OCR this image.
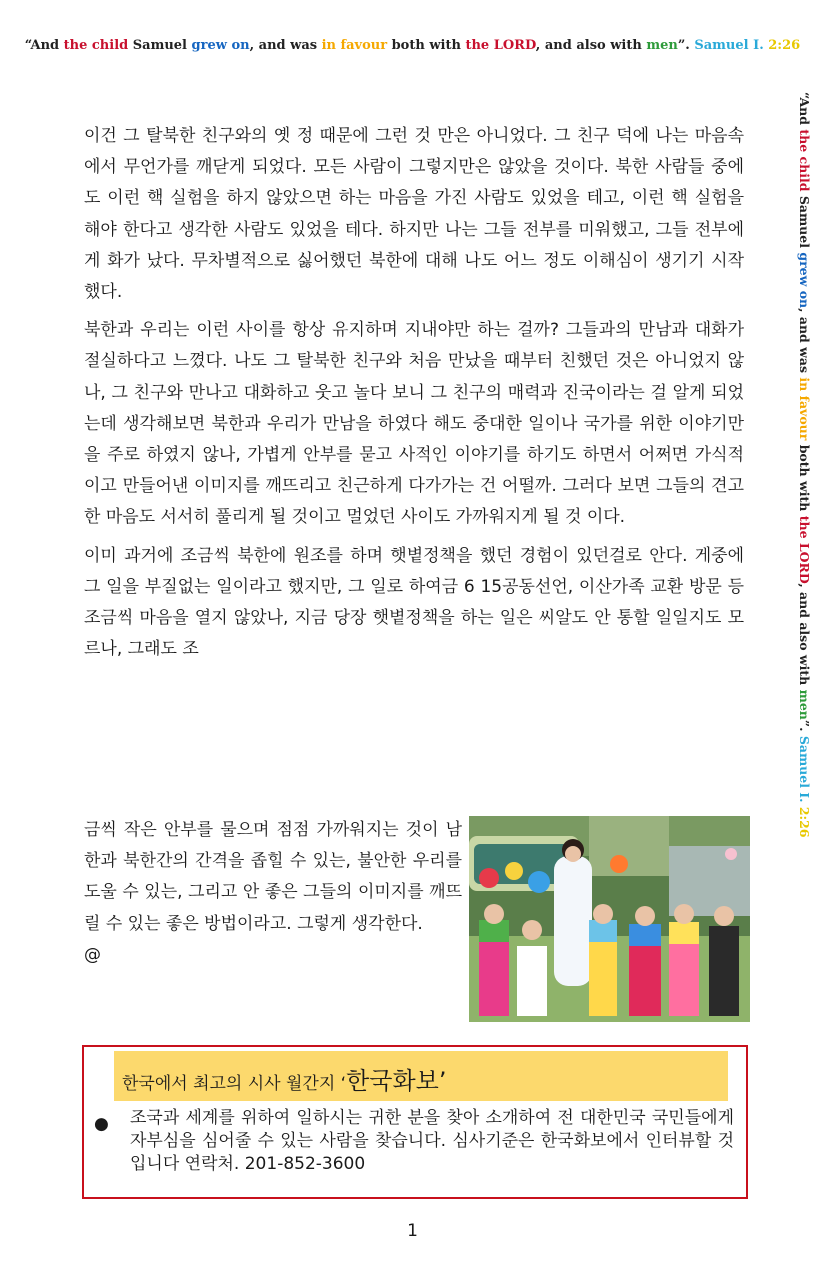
“And the child Samuel grew on, and was in favour both with the LORD, and also with men”. Samuel I. 2:26
“And the child Samuel grew on, and was in favour both with the LORD, and also with men”. Samuel I. 2:26

이건 그 탈북한 친구와의 옛 정 때문에 그런 것 만은 아니었다. 그 친구 덕에 나는 마음속에서 무언가를 깨닫게 되었다. 모든 사람이 그렇지만은 않았을 것이다. 북한 사람들 중에도 이런 핵 실험을 하지 않았으면 하는 마음을 가진 사람도 있었을 테고, 이런 핵 실험을 해야 한다고 생각한 사람도 있었을 테다. 하지만 나는 그들 전부를 미워했고, 그들 전부에게 화가 났다. 무차별적으로 싫어했던 북한에 대해 나도 어느 정도 이해심이 생기기 시작했다.

북한과 우리는 이런 사이를 항상 유지하며 지내야만 하는 걸까? 그들과의 만남과 대화가 절실하다고 느꼈다. 나도 그 탈북한 친구와 처음 만났을 때부터 친했던 것은 아니었지 않나, 그 친구와 만나고 대화하고 웃고 놀다 보니 그 친구의 매력과 진국이라는 걸 알게 되었는데 생각해보면 북한과 우리가 만남을 하였다 해도 중대한 일이나 국가를 위한 이야기만을 주로 하였지 않나, 가볍게 안부를 묻고 사적인 이야기를 하기도 하면서 어쩌면 가식적이고 만들어낸 이미지를 깨뜨리고 친근하게 다가가는 건 어떨까. 그러다 보면 그들의 견고한 마음도 서서히 풀리게 될 것이고 멀었던 사이도 가까워지게 될 것 이다.

이미 과거에 조금씩 북한에 원조를 하며 햇볕정책을 했던 경험이 있던걸로 안다. 게중에 그 일을 부질없는 일이라고 했지만, 그 일로 하여금 6 15공동선언, 이산가족 교환 방문 등 조금씩 마음을 열지 않았나, 지금 당장 햇볕정책을 하는 일은 씨알도 안 통할 일일지도 모르나, 그래도 조

금씩 작은 안부를 물으며 점점 가까워지는 것이 남한과 북한간의 간격을 좁힐 수 있는, 불안한 우리를 도울 수 있는, 그리고 안 좋은 그들의 이미지를 깨뜨릴 수 있는 좋은 방법이라고. 그렇게 생각한다.

@

한국에서 최고의 시사 월간지 ‘한국화보’
● 조국과 세계를 위하여 일하시는 귀한 분을 찾아 소개하여 전 대한민국 국민들에게 자부심을 심어줄 수 있는 사람을 찾습니다. 심사기준은 한국화보에서 인터뷰할 것입니다 연락처. 201-852-3600
1
